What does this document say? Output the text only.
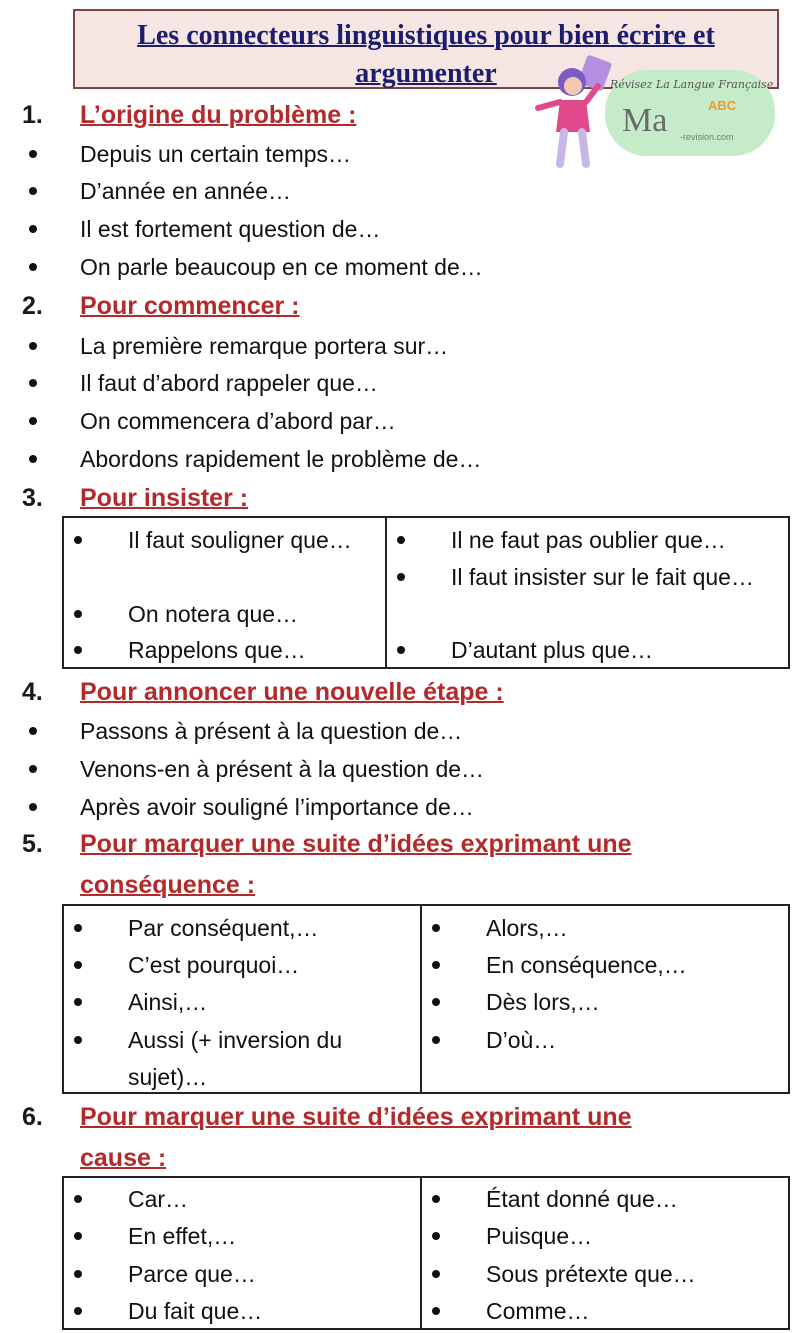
Les connecteurs linguistiques pour bien écrire et
argumenter	Révisez La Langue Française
Ma	ABC
-revision.com
1. L’origine du problème :
Depuis un certain temps…
D’année en année…
Il est fortement question de…
On parle beaucoup en ce moment de…
2. Pour commencer :
La première remarque portera sur…
Il faut d’abord rappeler que…
On commencera d’abord par…
Abordons rapidement le problème de…
3. Pour insister :
Il faut souligner que…
On notera que…
Rappelons que…
Il ne faut pas oublier que…
Il faut insister sur le fait que…
D’autant plus que…
4. Pour annoncer une nouvelle étape :
Passons à présent à la question de…
Venons-en à présent à la question de…
Après avoir souligné l’importance de…
5. Pour marquer une suite d’idées exprimant une
conséquence :
Par conséquent,…
C’est pourquoi…
Ainsi,…
Aussi (+ inversion du sujet)…
Alors,…
En conséquence,…
Dès lors,…
D’où…
6. Pour marquer une suite d’idées exprimant une
cause :
Car…
En effet,…
Parce que…
Du fait que…
Étant donné que…
Puisque…
Sous prétexte que…
Comme…
